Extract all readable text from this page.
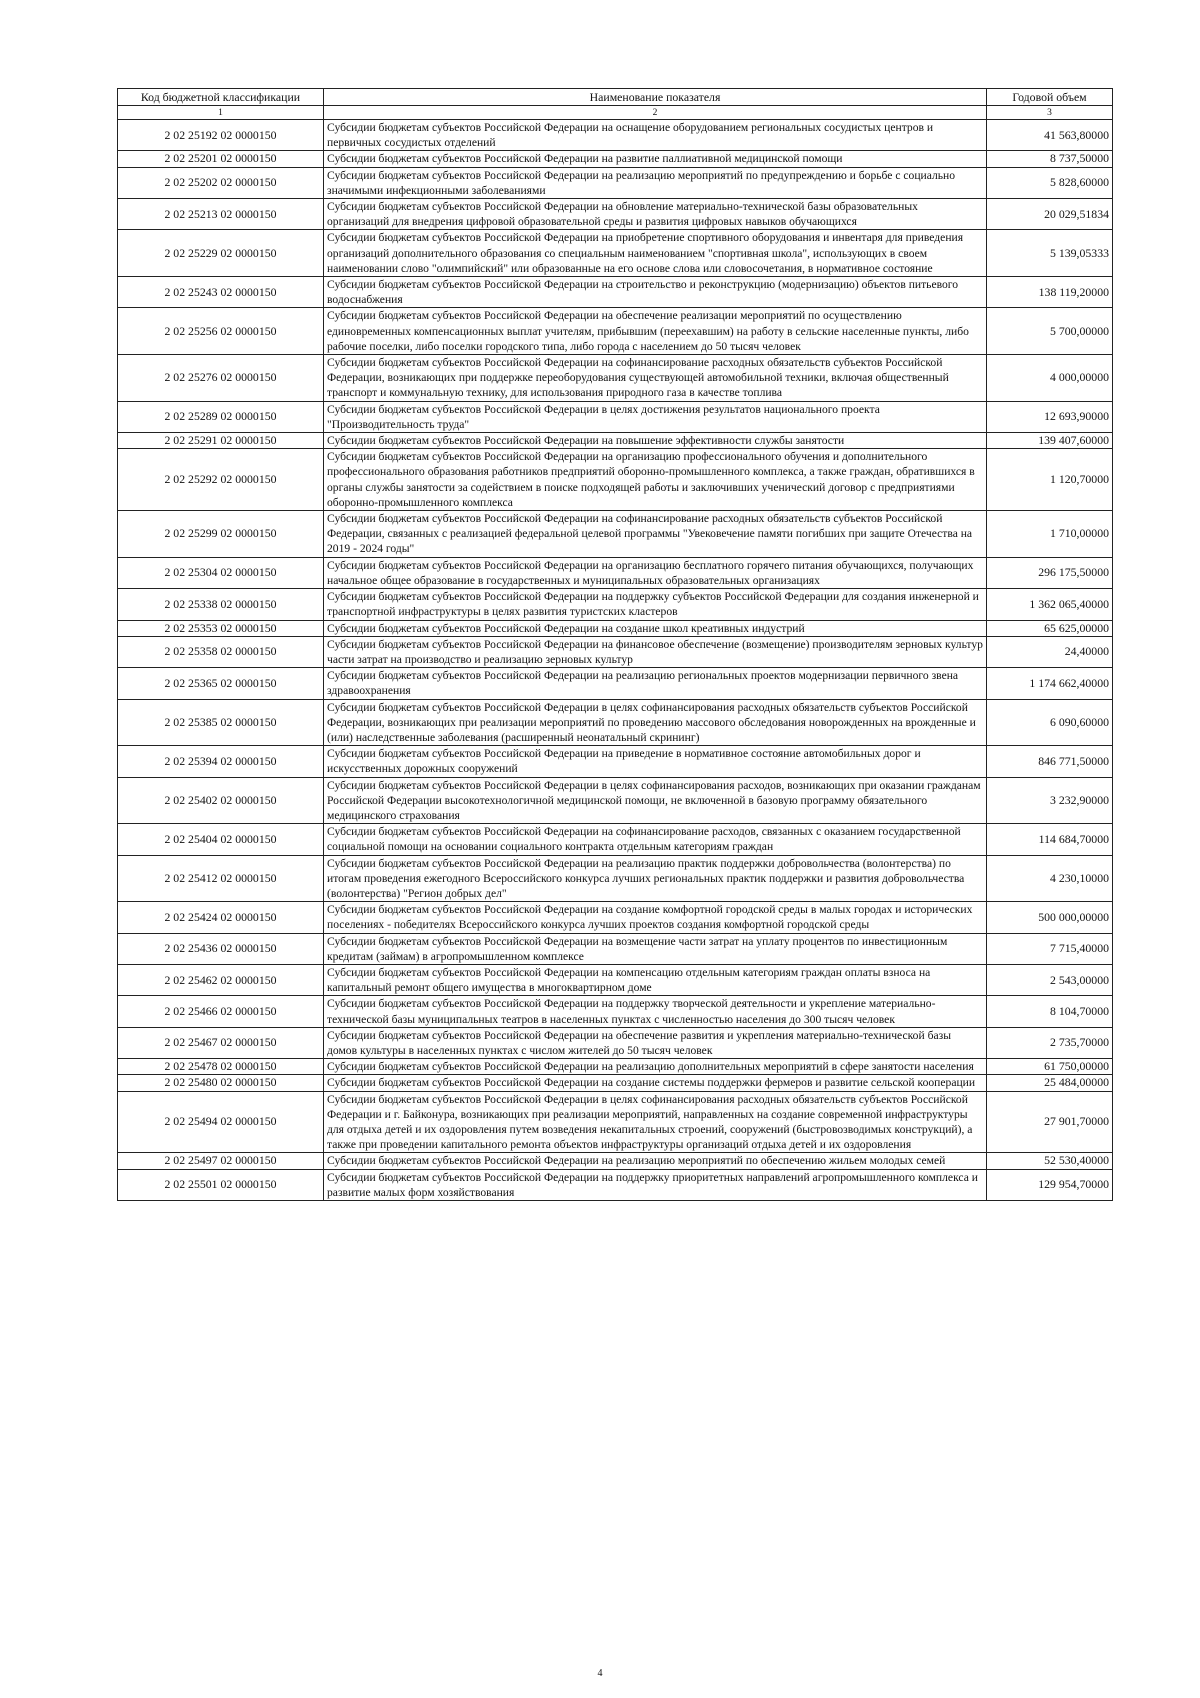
Код бюджетной классификации	Наименование показателя	Годовой объем
1	2	3
2 02 25192 02 0000150	Субсидии бюджетам субъектов Российской Федерации на оснащение оборудованием региональных сосудистых центров и первичных сосудистых отделений	41 563,80000
2 02 25201 02 0000150	Субсидии бюджетам субъектов Российской Федерации на развитие паллиативной медицинской помощи	8 737,50000
2 02 25202 02 0000150	Субсидии бюджетам субъектов Российской Федерации на реализацию мероприятий по предупреждению и борьбе с социально значимыми инфекционными заболеваниями	5 828,60000
2 02 25213 02 0000150	Субсидии бюджетам субъектов Российской Федерации на обновление материально-технической базы образовательных организаций для внедрения цифровой образовательной среды и развития цифровых навыков обучающихся	20 029,51834
2 02 25229 02 0000150	Субсидии бюджетам субъектов Российской Федерации на приобретение спортивного оборудования и инвентаря для приведения организаций дополнительного образования со специальным наименованием "спортивная школа", использующих в своем наименовании слово "олимпийский" или образованные на его основе слова или словосочетания, в нормативное состояние	5 139,05333
2 02 25243 02 0000150	Субсидии бюджетам субъектов Российской Федерации на строительство и реконструкцию (модернизацию) объектов питьевого водоснабжения	138 119,20000
2 02 25256 02 0000150	Субсидии бюджетам субъектов Российской Федерации на обеспечение реализации мероприятий по осуществлению единовременных компенсационных выплат учителям, прибывшим (переехавшим) на работу в сельские населенные пункты, либо рабочие поселки, либо поселки городского типа, либо города с населением до 50 тысяч человек	5 700,00000
2 02 25276 02 0000150	Субсидии бюджетам субъектов Российской Федерации на софинансирование расходных обязательств субъектов Российской Федерации, возникающих при поддержке переоборудования существующей автомобильной техники, включая общественный транспорт и коммунальную технику, для использования природного газа в качестве топлива	4 000,00000
2 02 25289 02 0000150	Субсидии бюджетам субъектов Российской Федерации в целях достижения результатов национального проекта "Производительность труда"	12 693,90000
2 02 25291 02 0000150	Субсидии бюджетам субъектов Российской Федерации на повышение эффективности службы занятости	139 407,60000
2 02 25292 02 0000150	Субсидии бюджетам субъектов Российской Федерации на организацию профессионального обучения и дополнительного профессионального образования работников предприятий оборонно-промышленного комплекса, а также граждан, обратившихся в органы службы занятости за содействием в поиске подходящей работы и заключивших ученический договор с предприятиями оборонно-промышленного комплекса	1 120,70000
2 02 25299 02 0000150	Субсидии бюджетам субъектов Российской Федерации на софинансирование расходных обязательств субъектов Российской Федерации, связанных с реализацией федеральной целевой программы "Увековечение памяти погибших при защите Отечества на 2019 - 2024 годы"	1 710,00000
2 02 25304 02 0000150	Субсидии бюджетам субъектов Российской Федерации на организацию бесплатного горячего питания обучающихся, получающих начальное общее образование в государственных и муниципальных образовательных организациях	296 175,50000
2 02 25338 02 0000150	Субсидии бюджетам субъектов Российской Федерации на поддержку субъектов Российской Федерации для создания инженерной и транспортной инфраструктуры в целях развития туристских кластеров	1 362 065,40000
2 02 25353 02 0000150	Субсидии бюджетам субъектов Российской Федерации на создание школ креативных индустрий	65 625,00000
2 02 25358 02 0000150	Субсидии бюджетам субъектов Российской Федерации на финансовое обеспечение (возмещение) производителям зерновых культур части затрат на производство и реализацию зерновых культур	24,40000
2 02 25365 02 0000150	Субсидии бюджетам субъектов Российской Федерации на реализацию региональных проектов модернизации первичного звена здравоохранения	1 174 662,40000
2 02 25385 02 0000150	Субсидии бюджетам субъектов Российской Федерации в целях софинансирования расходных обязательств субъектов Российской Федерации, возникающих при реализации мероприятий по проведению массового обследования новорожденных на врожденные и (или) наследственные заболевания (расширенный неонатальный скрининг)	6 090,60000
2 02 25394 02 0000150	Субсидии бюджетам субъектов Российской Федерации на приведение в нормативное состояние автомобильных дорог и искусственных дорожных сооружений	846 771,50000
2 02 25402 02 0000150	Субсидии бюджетам субъектов Российской Федерации в целях софинансирования расходов, возникающих при оказании гражданам Российской Федерации высокотехнологичной медицинской помощи, не включенной в базовую программу обязательного медицинского страхования	3 232,90000
2 02 25404 02 0000150	Субсидии бюджетам субъектов Российской Федерации на софинансирование расходов, связанных с оказанием государственной социальной помощи на основании социального контракта отдельным категориям граждан	114 684,70000
2 02 25412 02 0000150	Субсидии бюджетам субъектов Российской Федерации на реализацию практик поддержки добровольчества (волонтерства) по итогам проведения ежегодного Всероссийского конкурса лучших региональных практик поддержки и развития добровольчества (волонтерства) "Регион добрых дел"	4 230,10000
2 02 25424 02 0000150	Субсидии бюджетам субъектов Российской Федерации на создание комфортной городской среды в малых городах и исторических поселениях - победителях Всероссийского конкурса лучших проектов создания комфортной городской среды	500 000,00000
2 02 25436 02 0000150	Субсидии бюджетам субъектов Российской Федерации на возмещение части затрат на уплату процентов по инвестиционным кредитам (займам) в агропромышленном комплексе	7 715,40000
2 02 25462 02 0000150	Субсидии бюджетам субъектов Российской Федерации на компенсацию отдельным категориям граждан оплаты взноса на капитальный ремонт общего имущества в многоквартирном доме	2 543,00000
2 02 25466 02 0000150	Субсидии бюджетам субъектов Российской Федерации на поддержку творческой деятельности и укрепление материально-технической базы муниципальных театров в населенных пунктах с численностью населения до 300 тысяч человек	8 104,70000
2 02 25467 02 0000150	Субсидии бюджетам субъектов Российской Федерации на обеспечение развития и укрепления материально-технической базы домов культуры в населенных пунктах с числом жителей до 50 тысяч человек	2 735,70000
2 02 25478 02 0000150	Субсидии бюджетам субъектов Российской Федерации на реализацию дополнительных мероприятий в сфере занятости населения	61 750,00000
2 02 25480 02 0000150	Субсидии бюджетам субъектов Российской Федерации на создание системы поддержки фермеров и развитие сельской кооперации	25 484,00000
2 02 25494 02 0000150	Субсидии бюджетам субъектов Российской Федерации в целях софинансирования расходных обязательств субъектов Российской Федерации и г. Байконура, возникающих при реализации мероприятий, направленных на создание современной инфраструктуры для отдыха детей и их оздоровления путем возведения некапитальных строений, сооружений (быстровозводимых конструкций), а также при проведении капитального ремонта объектов инфраструктуры организаций отдыха детей и их оздоровления	27 901,70000
2 02 25497 02 0000150	Субсидии бюджетам субъектов Российской Федерации на реализацию мероприятий по обеспечению жильем молодых семей	52 530,40000
2 02 25501 02 0000150	Субсидии бюджетам субъектов Российской Федерации на поддержку приоритетных направлений агропромышленного комплекса и развитие малых форм хозяйствования	129 954,70000
4
